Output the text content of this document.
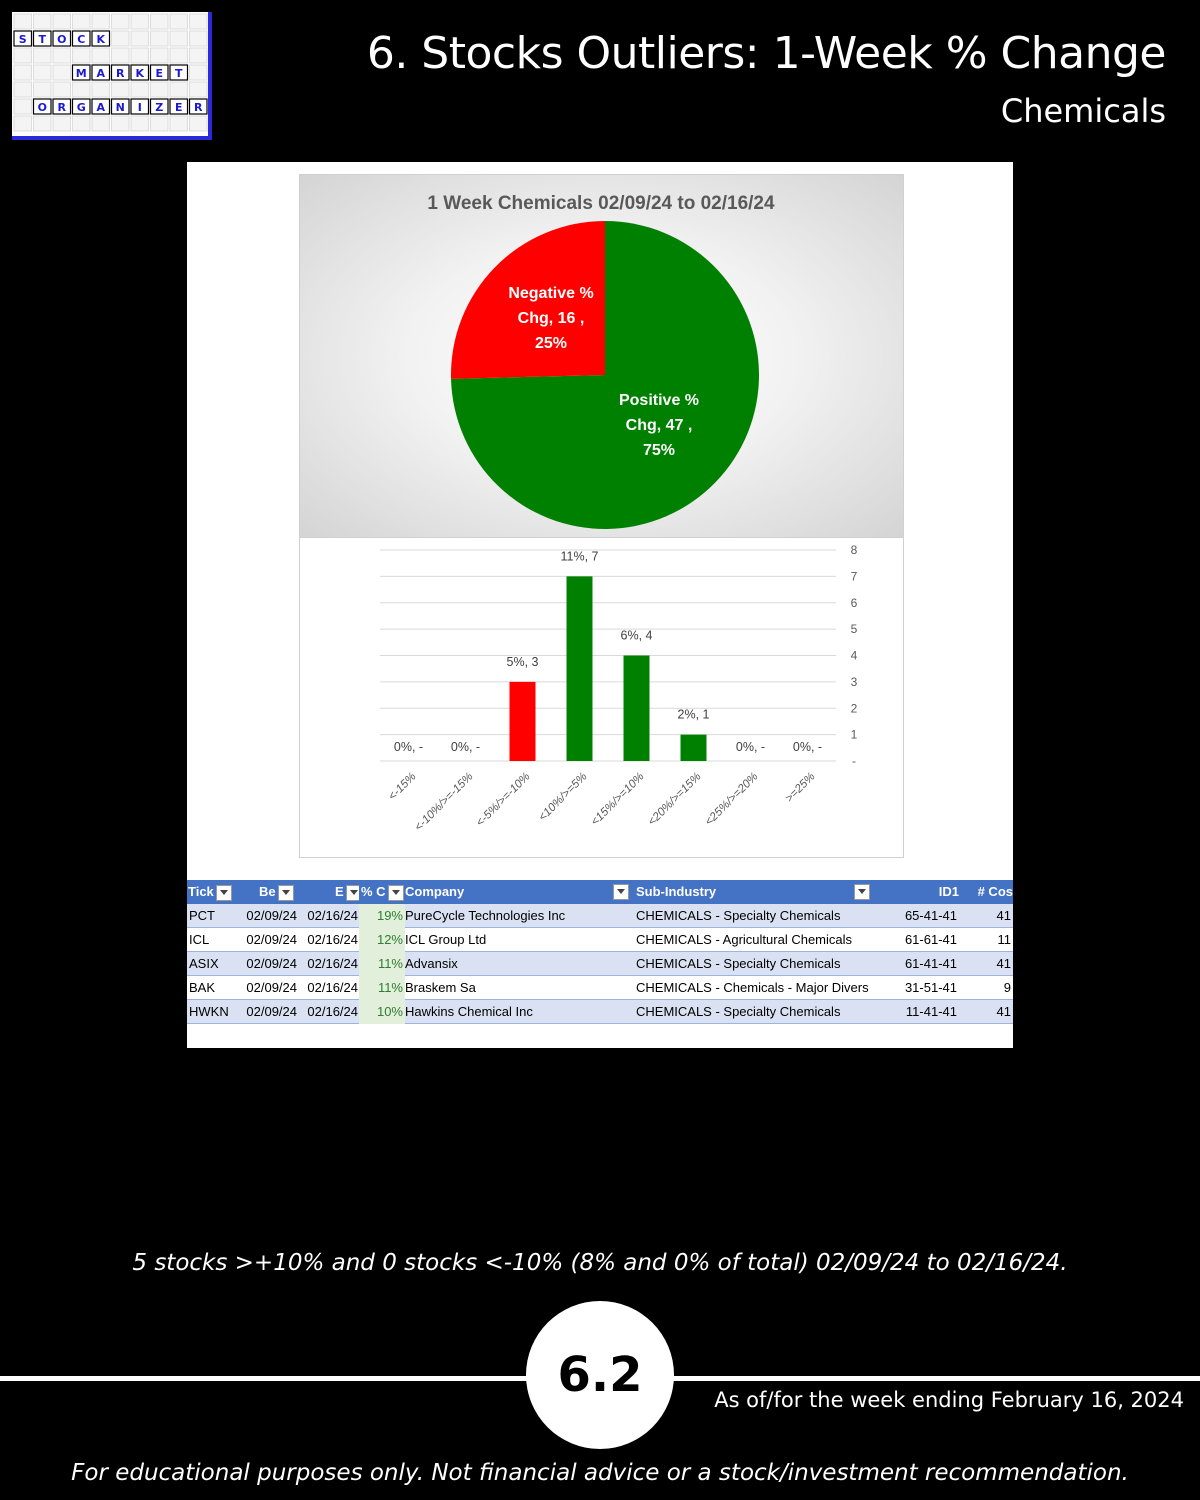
S T O C K
M A R K E T
O R G A N I Z E R
6. Stocks Outliers: 1-Week % Change
Chemicals
1 Week Chemicals 02/09/24 to 02/16/24
Negative %
Chg, 16 ,
25%
Positive %
Chg, 47 ,
75%
-
1
2
3
4
5
6
7
8
0%, -
<-15%
0%, -
<-10%/>=-15%
5%, 3
<-5%/>=-10%
11%, 7
<10%/>=5%
6%, 4
<15%/>=10%
2%, 1
<20%/>=15%
0%, -
<25%/>=20%
0%, -
>=25%
Tick	Be	E	% C	Company	Sub-Industry	ID1	# Cos
PCT	02/09/24 02/16/24	19% PureCycle Technologies Inc	CHEMICALS - Specialty Chemicals	65-41-41	41
ICL	02/09/24 02/16/24	12% ICL Group Ltd	CHEMICALS - Agricultural Chemicals	61-61-41	11
ASIX	02/09/24 02/16/24	11% Advansix	CHEMICALS - Specialty Chemicals	61-41-41	41
BAK	02/09/24 02/16/24	11% Braskem Sa	CHEMICALS - Chemicals - Major Divers	31-51-41	9
HWKN	02/09/24 02/16/24	10% Hawkins Chemical Inc	CHEMICALS - Specialty Chemicals	11-41-41	41
5 stocks >+10% and 0 stocks <-10% (8% and 0% of total) 02/09/24 to 02/16/24.
6.2	As of/for the week ending February 16, 2024
For educational purposes only. Not financial advice or a stock/investment recommendation.
